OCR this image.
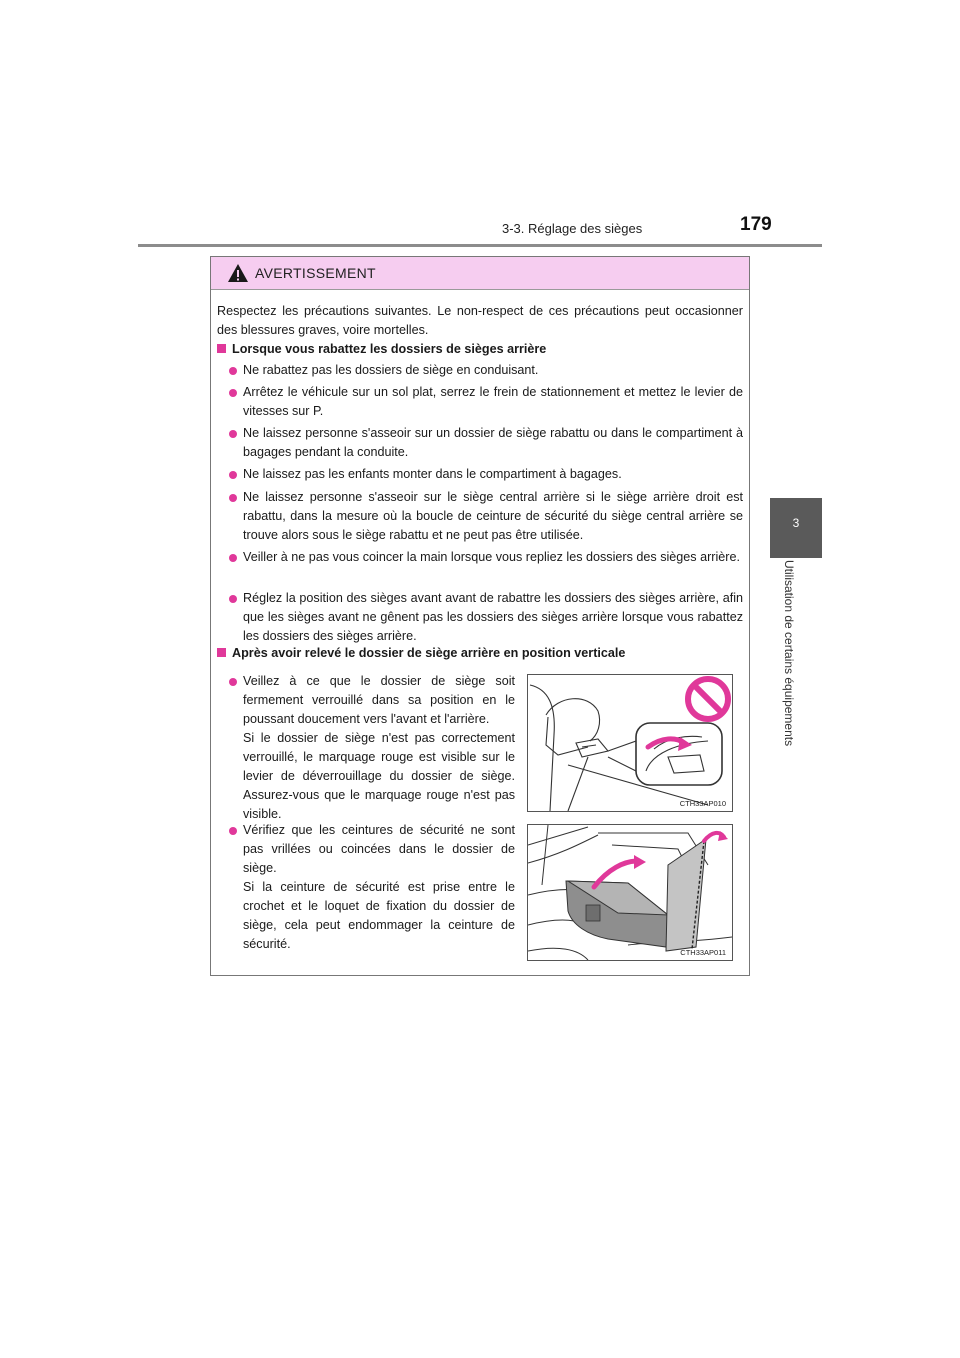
3-3. Réglage des sièges	179
3
Utilisation de certains équipements
AVERTISSEMENT
Respectez les précautions suivantes. Le non-respect de ces précautions peut occasionner des blessures graves, voire mortelles.
Lorsque vous rabattez les dossiers de sièges arrière
Ne rabattez pas les dossiers de siège en conduisant.
Arrêtez le véhicule sur un sol plat, serrez le frein de stationnement et mettez le levier de vitesses sur P.
Ne laissez personne s'asseoir sur un dossier de siège rabattu ou dans le compartiment à bagages pendant la conduite.
Ne laissez pas les enfants monter dans le compartiment à bagages.
Ne laissez personne s'asseoir sur le siège central arrière si le siège arrière droit est rabattu, dans la mesure où la boucle de ceinture de sécurité du siège central arrière se trouve alors sous le siège rabattu et ne peut pas être utilisée.
Veiller à ne pas vous coincer la main lorsque vous repliez les dossiers des sièges arrière.
Réglez la position des sièges avant avant de rabattre les dossiers des sièges arrière, afin que les sièges avant ne gênent pas les dossiers des sièges arrière lorsque vous rabattez les dossiers des sièges arrière.
Après avoir relevé le dossier de siège arrière en position verticale
Veillez à ce que le dossier de siège soit fermement verrouillé dans sa position en le poussant doucement vers l'avant et l'arrière.
Si le dossier de siège n'est pas correctement verrouillé, le marquage rouge est visible sur le levier de déverrouillage du dossier de siège. Assurez-vous que le marquage rouge n'est pas visible.
Vérifiez que les ceintures de sécurité ne sont pas vrillées ou coincées dans le dossier de siège.
Si la ceinture de sécurité est prise entre le crochet et le loquet de fixation du dossier de siège, cela peut endommager la ceinture de sécurité.
CTH33AP010
CTH33AP011
